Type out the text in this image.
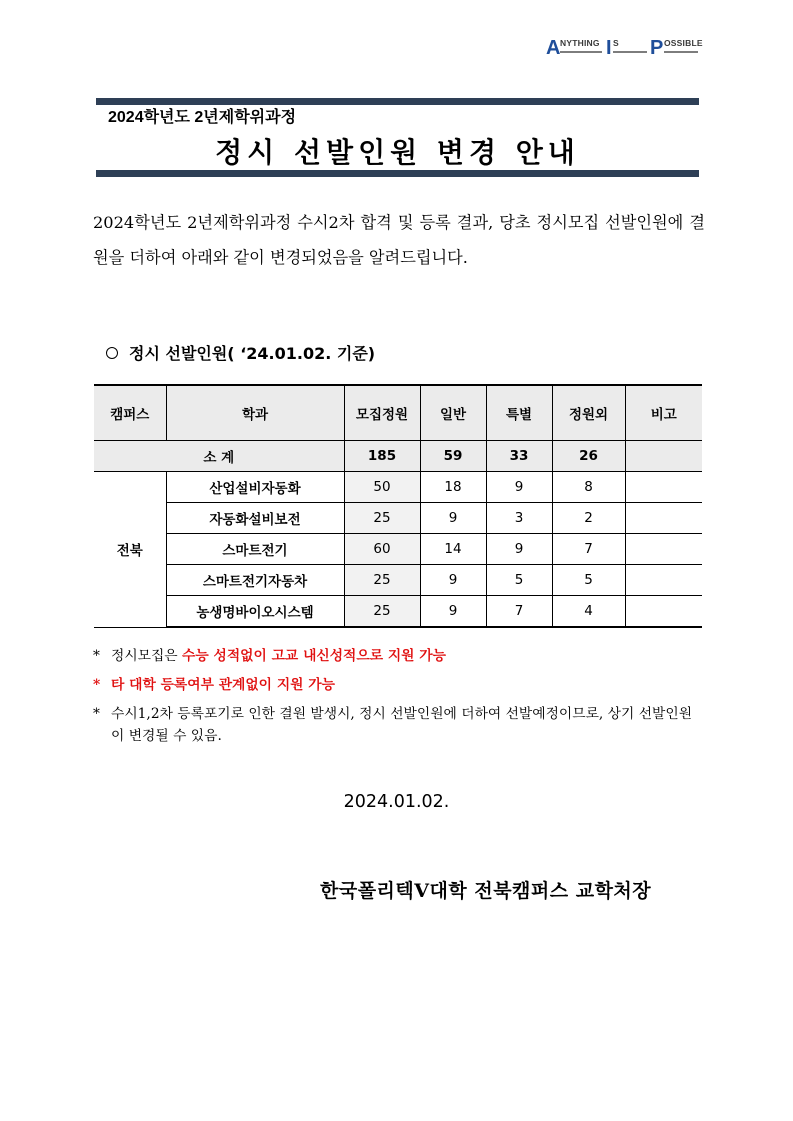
A NYTHING I S P OSSIBLE
2024학년도 2년제학위과정
정시 선발인원 변경 안내
2024학년도 2년제학위과정 수시2차 합격 및 등록 결과, 당초 정시모집 선발인원에 결원을 더하여 아래와 같이 변경되었음을 알려드립니다.
정시 선발인원( ‘24.01.02. 기준)
캠퍼스	학과	모집정원	일반	특별	정원외	비고
소 계		185	59	33	26	
전북	산업설비자동화	50	18	9	8	
	자동화설비보전	25	9	3	2	
	스마트전기	60	14	9	7	
	스마트전기자동차	25	9	5	5	
	농생명바이오시스템	25	9	7	4	
* 정시모집은 수능 성적없이 고교 내신성적으로 지원 가능
* 타 대학 등록여부 관계없이 지원 가능
* 수시1,2차 등록포기로 인한 결원 발생시, 정시 선발인원에 더하여 선발예정이므로, 상기 선발인원이 변경될 수 있음.
2024.01.02.
한국폴리텍V대학 전북캠퍼스 교학처장
